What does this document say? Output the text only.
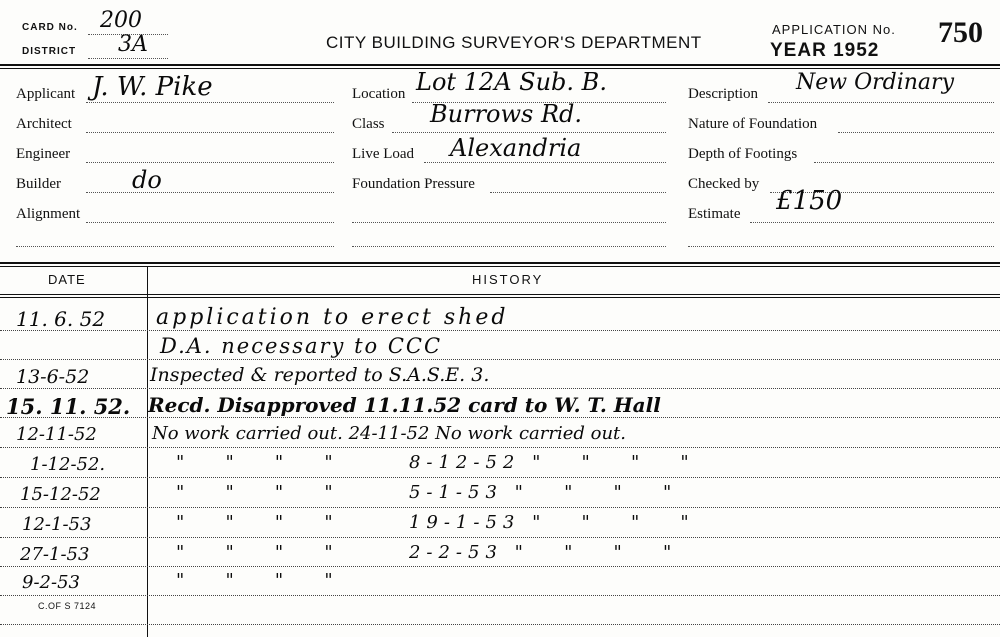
CARD No. 200
DISTRICT 3A	CITY BUILDING SURVEYOR'S DEPARTMENT
APPLICATION No. 750
YEAR 1952
Applicant J. W. Pike
Architect
Engineer
Builder	do
Alignment
Location Lot 12A Sub. B.
Class Burrows Rd.
Live Load Alexandria
Foundation Pressure
Description New Ordinary
Nature of Foundation
Depth of Footings
Checked by
Estimate £150
DATE	HISTORY
11. 6. 52 application to erect shed
D.A. necessary to CCC
13-6-52	Inspected & reported to S.A.S.E. 3.
15. 11. 52. Recd. Disapproved 11.11.52 card to W. T. Hall
12-11-52	No work carried out. 24-11-52 No work carried out.
1-12-52.	"   "   "   "      8-12-52 "   "   "   "
15-12-52	"   "   "   "      5-1-53 "   "   "   "
12-1-53	"   "   "   "      19-1-53 "   "   "   "
27-1-53	"   "   "   "      2-2-53 "   "   "   "
9-2-53	"   "   "   "
C.OF S 7124
